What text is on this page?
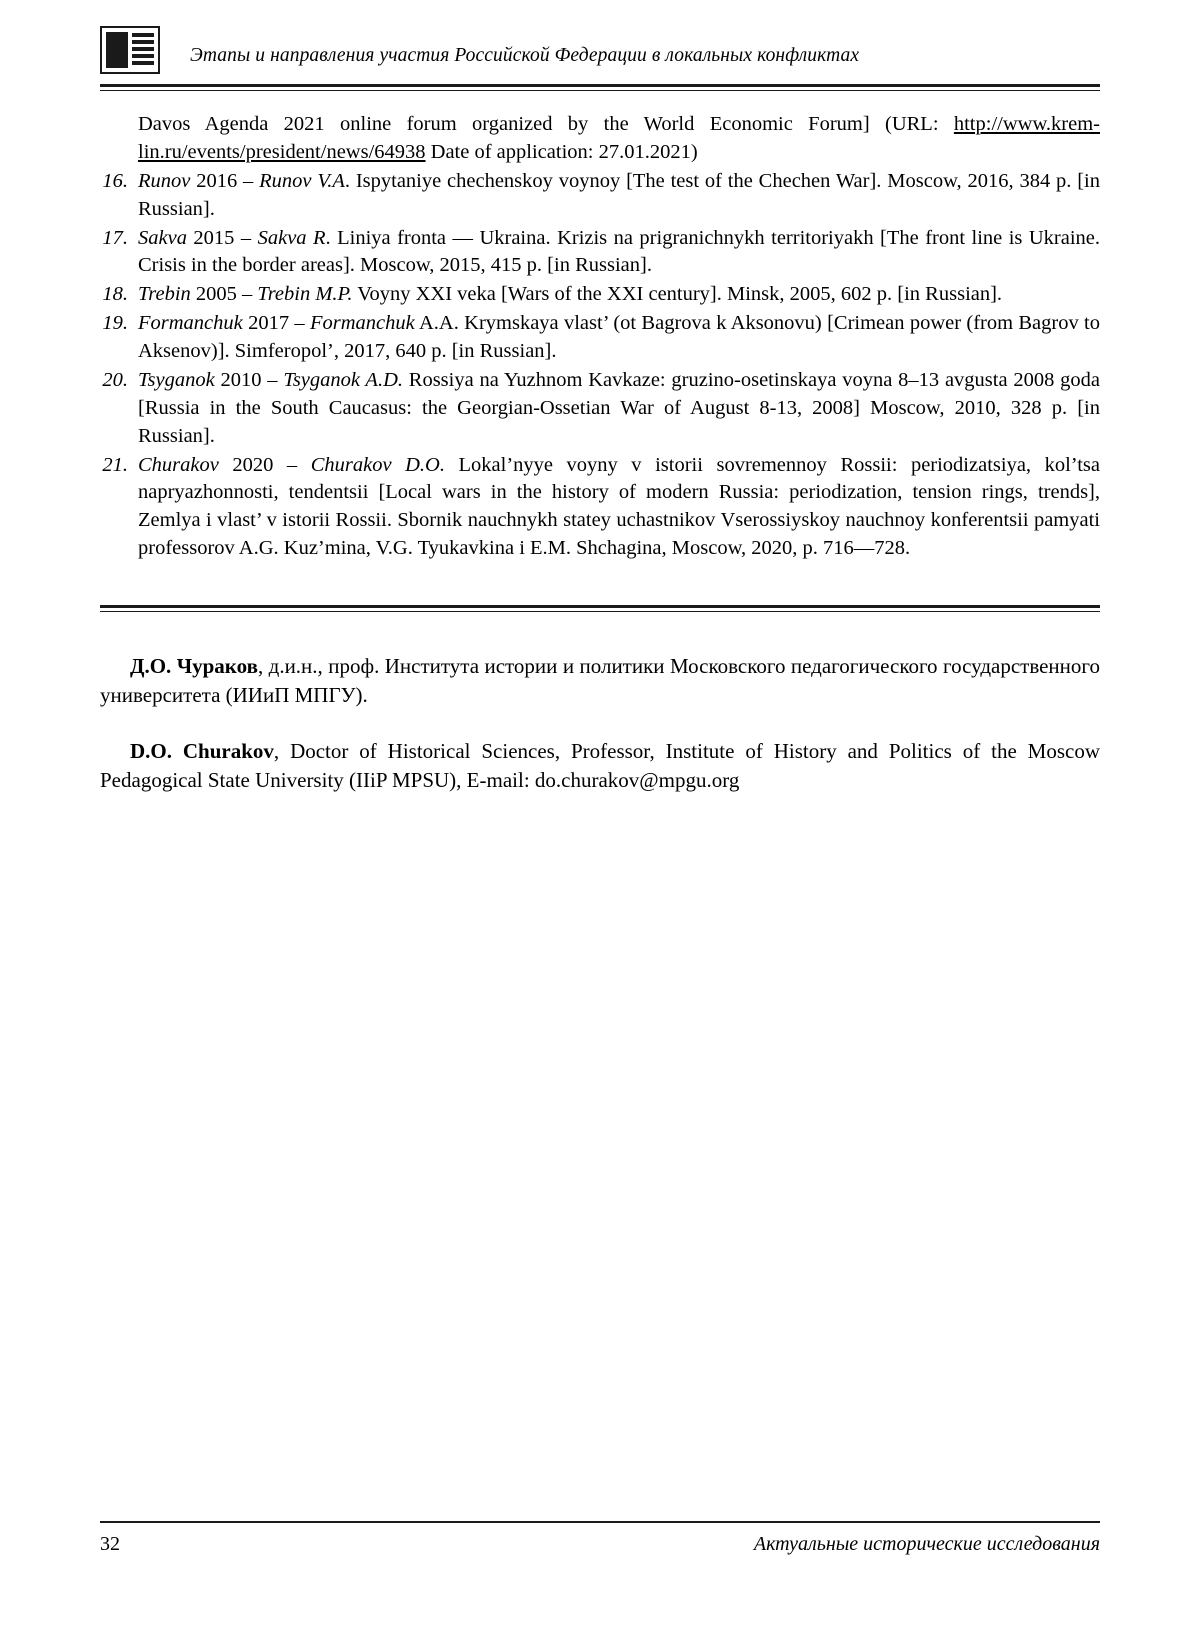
Этапы и направления участия Российской Федерации в локальных конфликтах

Davos Agenda 2021 online forum organized by the World Economic Forum] (URL: http://www.krem-lin.ru/events/president/news/64938 Date of application: 27.01.2021)

16. Runov 2016 – Runov V.A. Ispytaniye chechenskoy voynoy [The test of the Chechen War]. Moscow, 2016, 384 p. [in Russian].
17. Sakva 2015 – Sakva R. Liniya fronta — Ukraina. Krizis na prigranichnykh territoriyakh [The front line is Ukraine. Crisis in the border areas]. Moscow, 2015, 415 p. [in Russian].
18. Trebin 2005 – Trebin M.P. Voyny XXI veka [Wars of the XXI century]. Minsk, 2005, 602 p. [in Russian].
19. Formanchuk 2017 – Formanchuk A.A. Krymskaya vlast’ (ot Bagrova k Aksonovu) [Crimean power (from Bagrov to Aksenov)]. Simferopol’, 2017, 640 p. [in Russian].
20. Tsyganok 2010 – Tsyganok A.D. Rossiya na Yuzhnom Kavkaze: gruzino-osetinskaya voyna 8–13 avgusta 2008 goda [Russia in the South Caucasus: the Georgian-Ossetian War of August 8-13, 2008] Moscow, 2010, 328 p. [in Russian].
21. Churakov 2020 – Churakov D.O. Lokal’nyye voyny v istorii sovremennoy Rossii: periodizatsiya, kol’tsa napryazhonnosti, tendentsii [Local wars in the history of modern Russia: periodization, tension rings, trends], Zemlya i vlast’ v istorii Rossii. Sbornik nauchnykh statey uchastnikov Vserossiyskoy nauchnoy konferentsii pamyati professorov A.G. Kuz’mina, V.G. Tyukavkina i E.M. Shchagina, Moscow, 2020, p. 716—728.

Д.О. Чураков, д.и.н., проф. Института истории и политики Московского педагогического государственного университета (ИИиП МПГУ).

D.O. Churakov, Doctor of Historical Sciences, Professor, Institute of History and Politics of the Moscow Pedagogical State University (IIiP MPSU), E-mail: do.churakov@mpgu.org

32	Актуальные исторические исследования
